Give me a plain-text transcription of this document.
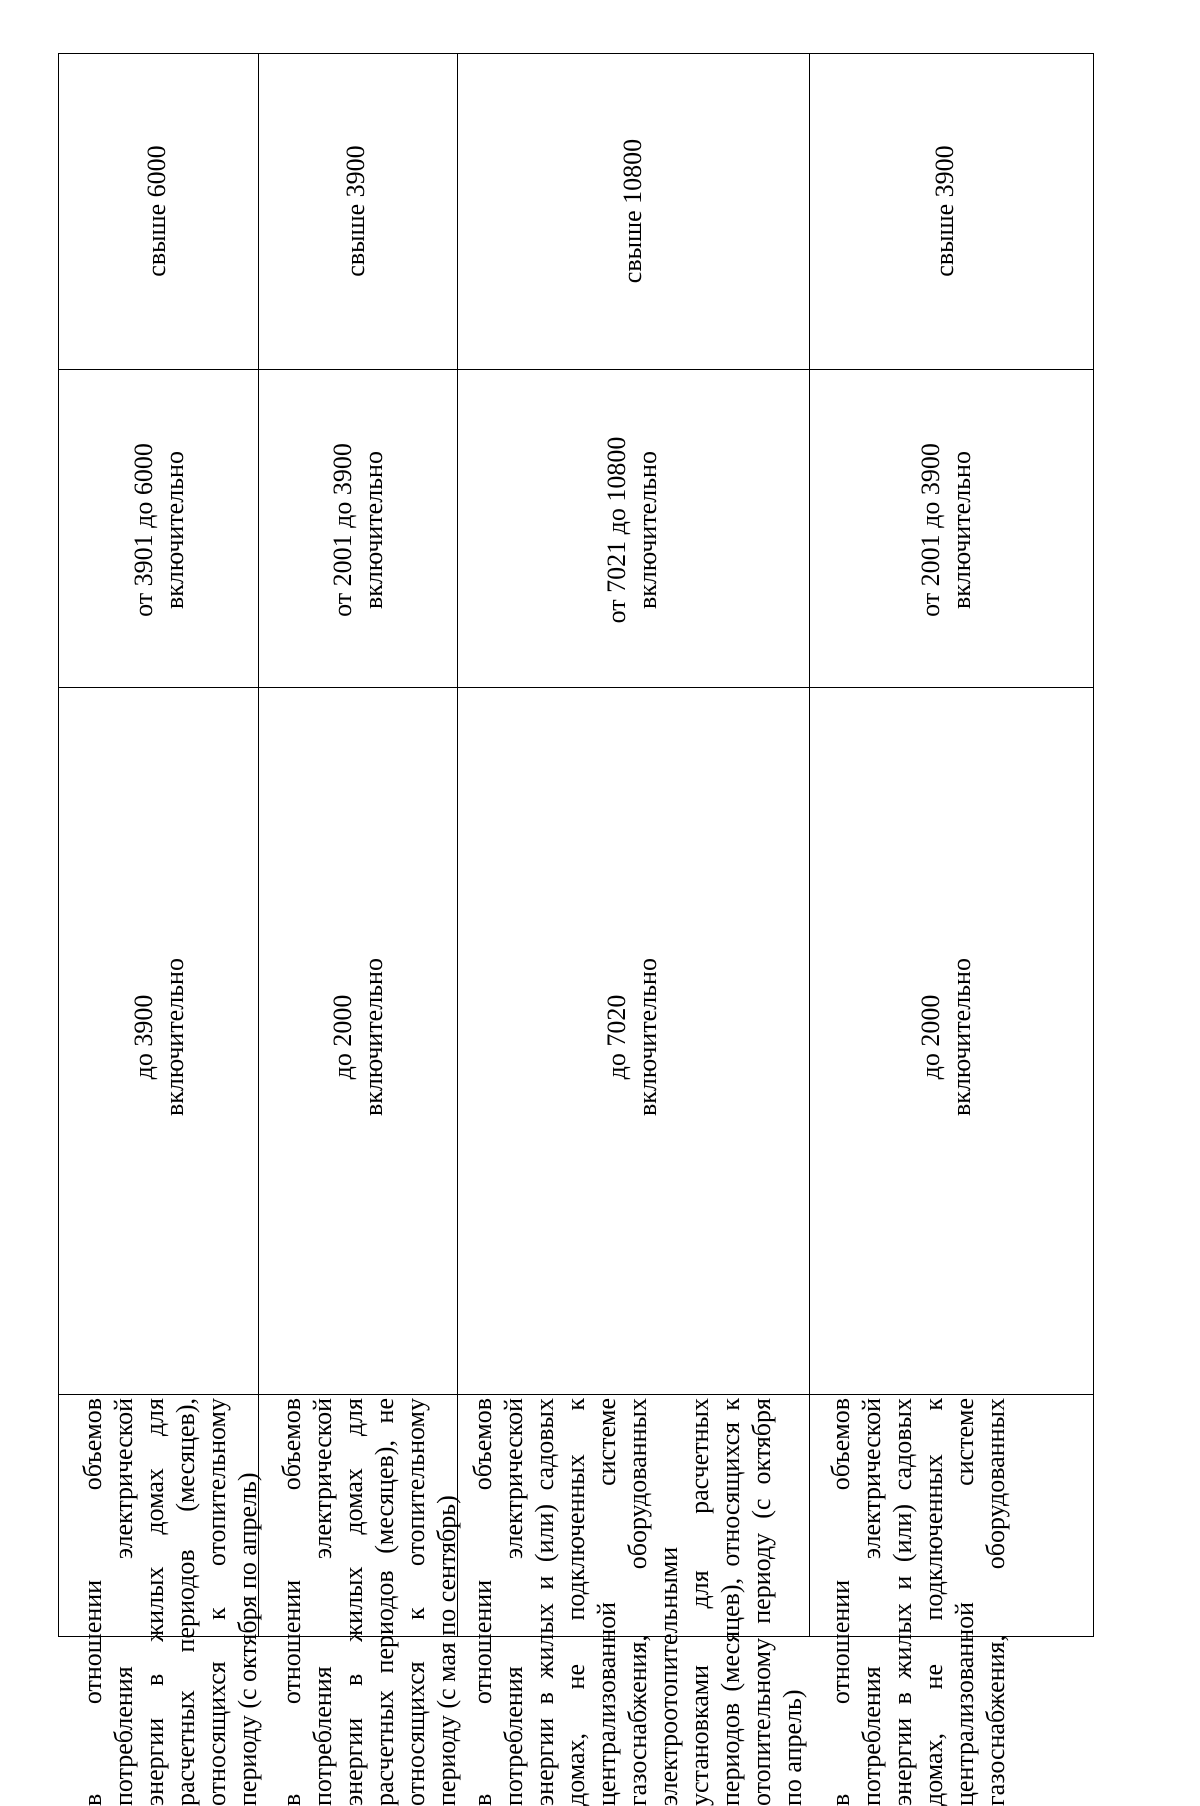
свыше 6000
от 3901 до 6000 включительно
до 3900 включительно
в отношении объемов потребления электрической энергии в жилых домах для расчетных периодов (месяцев), относящихся к отопительному периоду (с октября по апрель)
свыше 3900
от 2001 до 3900 включительно
до 2000 включительно
в отношении объемов потребления электрической энергии в жилых домах для расчетных периодов (месяцев), не относящихся к отопительному периоду (с мая по сентябрь)
свыше 10800
от 7021 до 10800 включительно
до 7020 включительно
в отношении объемов потребления электрической энергии в жилых и (или) садовых домах, не подключенных к централизованной системе газоснабжения, оборудованных электроотопительными установками для расчетных периодов (месяцев), относящихся к отопительному периоду (с октября по апрель)
свыше 3900
от 2001 до 3900 включительно
до 2000 включительно
в отношении объемов потребления электрической энергии в жилых и (или) садовых домах, не подключенных к централизованной системе газоснабжения, оборудованных
